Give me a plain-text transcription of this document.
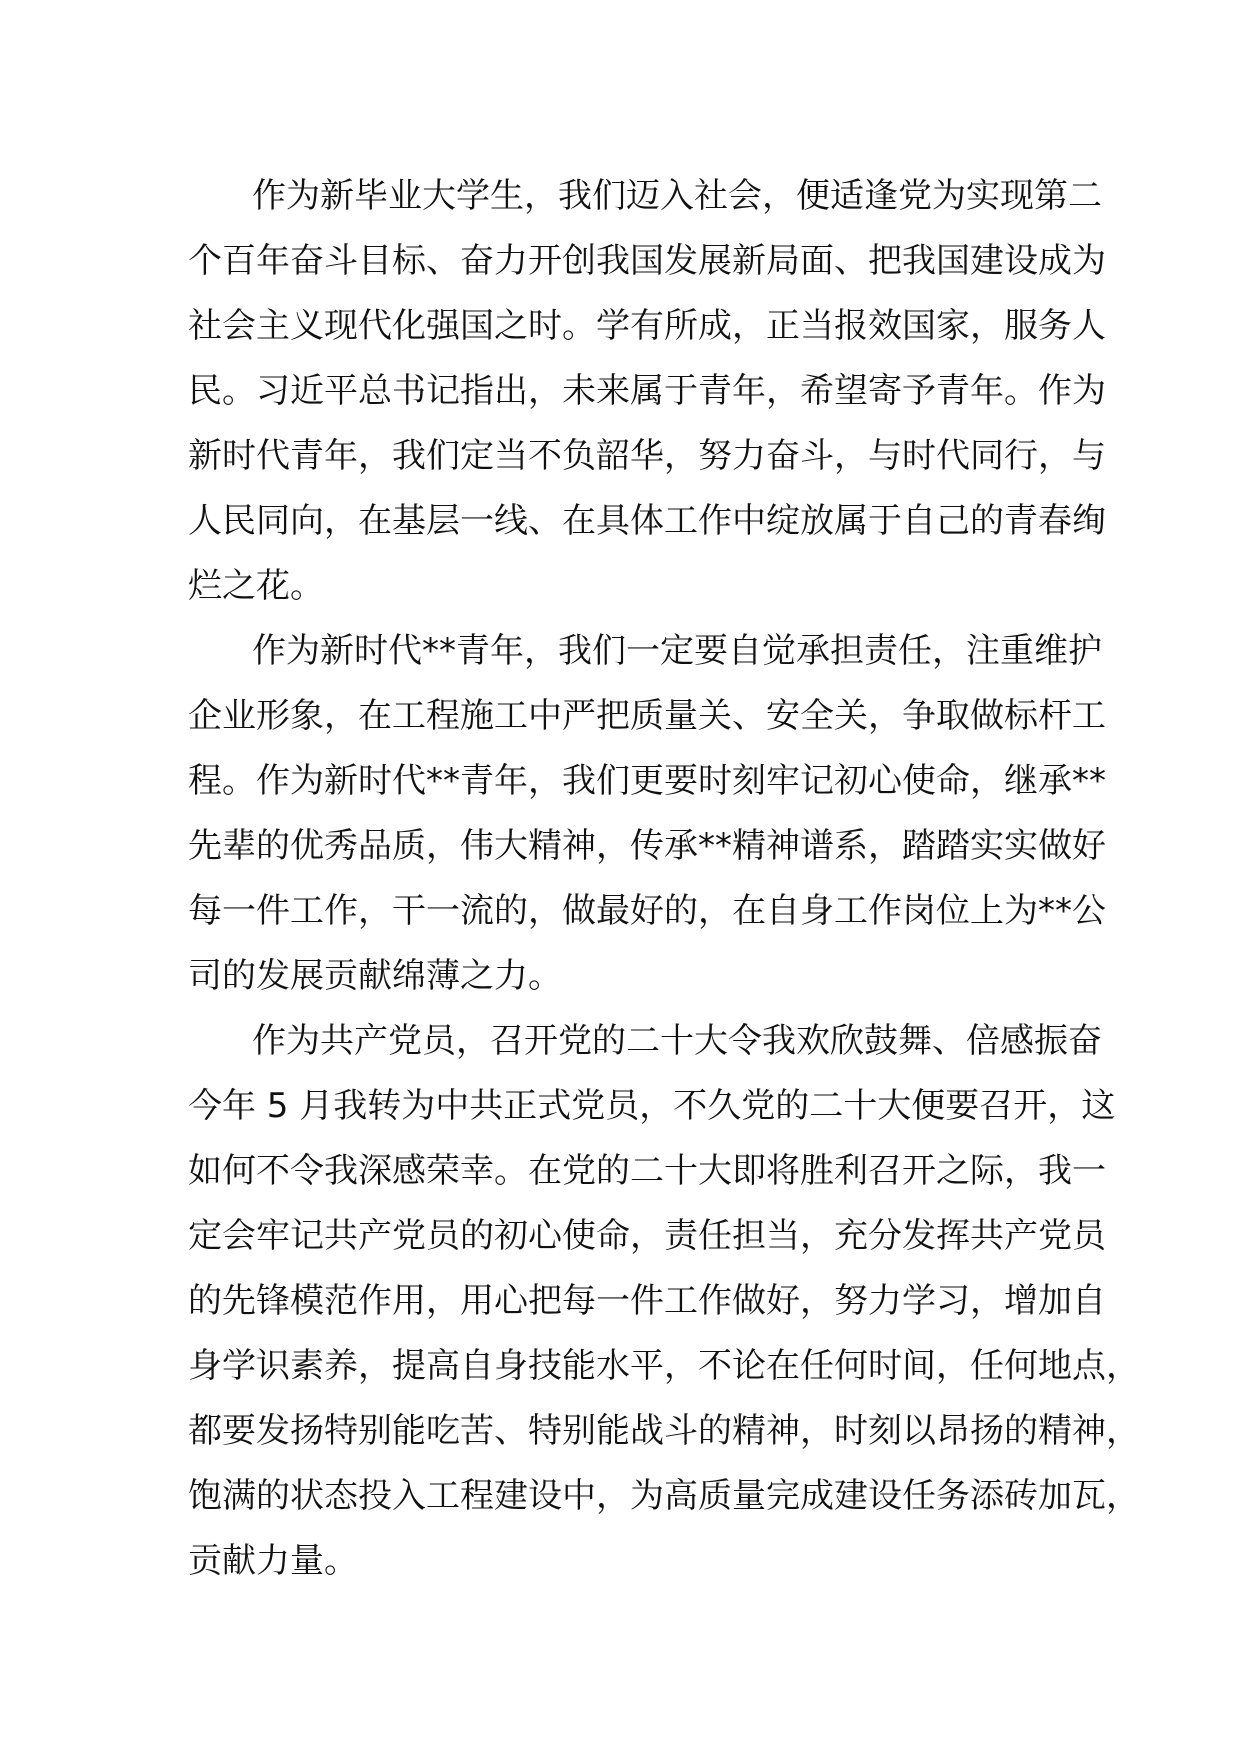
作为新毕业大学生，我们迈入社会，便适逢党为实现第二
个百年奋斗目标、奋力开创我国发展新局面、把我国建设成为
社会主义现代化强国之时。学有所成，正当报效国家，服务人
民。习近平总书记指出，未来属于青年，希望寄予青年。作为
新时代青年，我们定当不负韶华，努力奋斗，与时代同行，与
人民同向，在基层一线、在具体工作中绽放属于自己的青春绚
烂之花。
作为新时代**青年，我们一定要自觉承担责任，注重维护
企业形象，在工程施工中严把质量关、安全关，争取做标杆工
程。作为新时代**青年，我们更要时刻牢记初心使命，继承**
先辈的优秀品质，伟大精神，传承**精神谱系，踏踏实实做好
每一件工作，干一流的，做最好的，在自身工作岗位上为**公
司的发展贡献绵薄之力。
作为共产党员，召开党的二十大令我欢欣鼓舞、倍感振奋
今年 5 月我转为中共正式党员，不久党的二十大便要召开，这
如何不令我深感荣幸。在党的二十大即将胜利召开之际，我一
定会牢记共产党员的初心使命，责任担当，充分发挥共产党员
的先锋模范作用，用心把每一件工作做好，努力学习，增加自
身学识素养，提高自身技能水平，不论在任何时间，任何地点，
都要发扬特别能吃苦、特别能战斗的精神，时刻以昂扬的精神，
饱满的状态投入工程建设中，为高质量完成建设任务添砖加瓦，
贡献力量。
